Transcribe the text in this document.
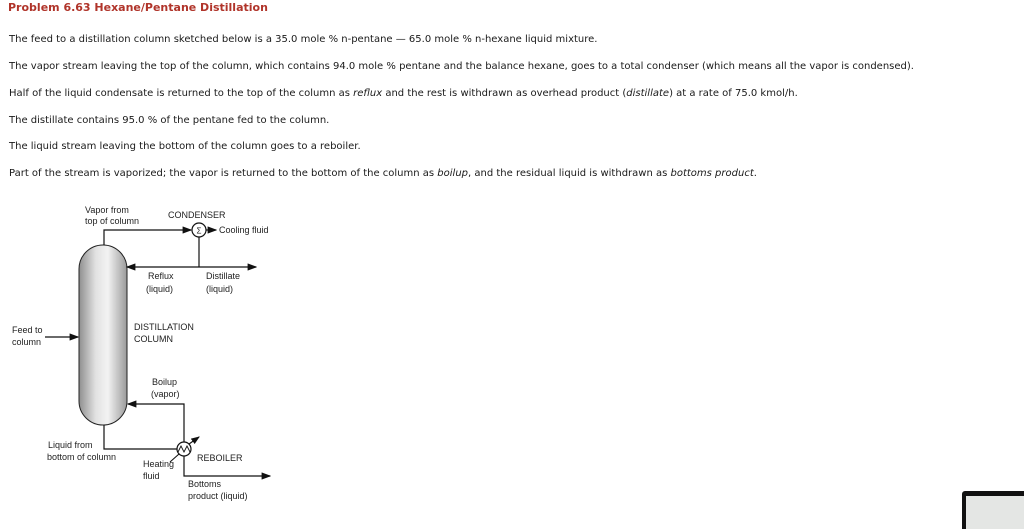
Problem 6.63 Hexane/Pentane Distillation
The feed to a distillation column sketched below is a 35.0 mole % n-pentane — 65.0 mole % n-hexane liquid mixture.
The vapor stream leaving the top of the column, which contains 94.0 mole % pentane and the balance hexane, goes to a total condenser (which means all the vapor is condensed).
Half of the liquid condensate is returned to the top of the column as reflux and the rest is withdrawn as overhead product (distillate) at a rate of 75.0 kmol/h.
The distillate contains 95.0 % of the pentane fed to the column.
The liquid stream leaving the bottom of the column goes to a reboiler.
Part of the stream is vaporized; the vapor is returned to the bottom of the column as boilup, and the residual liquid is withdrawn as bottoms product.
Σ
Vapor from
top of column
CONDENSER
Cooling fluid
Reflux
(liquid)
Distillate
(liquid)
Feed to
column
DISTILLATION
COLUMN
Boilup
(vapor)
Liquid from
bottom of column
Heating
fluid
REBOILER
Bottoms
product (liquid)
